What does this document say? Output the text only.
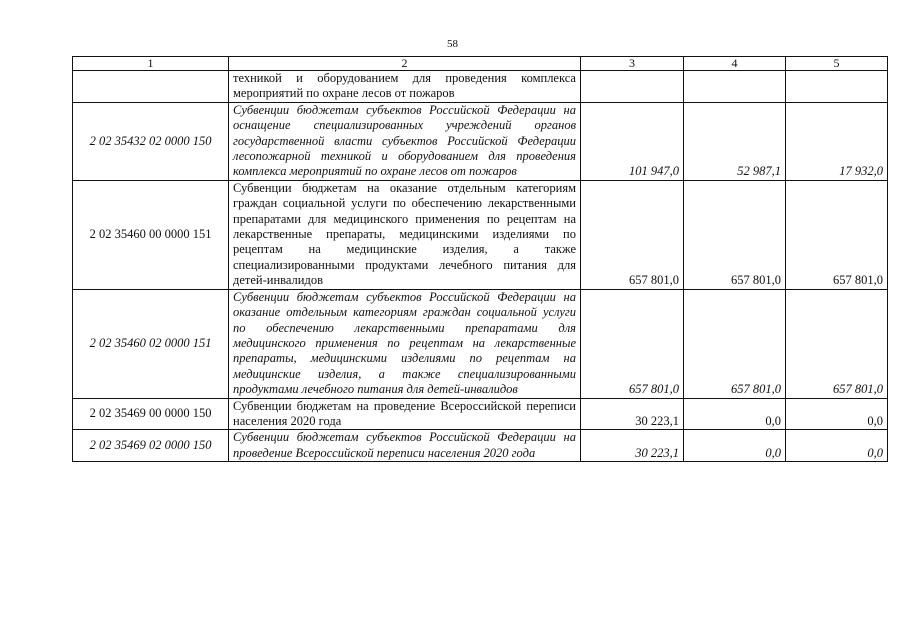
58
1	2	3	4	5
	техникой и оборудованием для проведения комплекса мероприятий по охране лесов от пожаров			
2 02 35432 02 0000 150	Субвенции бюджетам субъектов Российской Федерации на оснащение специализированных учреждений органов государственной власти субъектов Российской Федерации лесопожарной техникой и оборудованием для проведения комплекса мероприятий по охране лесов от пожаров	101 947,0	52 987,1	17 932,0
2 02 35460 00 0000 151	Субвенции бюджетам на оказание отдельным категориям граждан социальной услуги по обеспечению лекарственными препаратами для медицинского применения по рецептам на лекарственные препараты, медицинскими изделиями по рецептам на медицинские изделия, а также специализированными продуктами лечебного питания для детей-инвалидов	657 801,0	657 801,0	657 801,0
2 02 35460 02 0000 151	Субвенции бюджетам субъектов Российской Федерации на оказание отдельным категориям граждан социальной услуги по обеспечению лекарственными препаратами для медицинского применения по рецептам на лекарственные препараты, медицинскими изделиями по рецептам на медицинские изделия, а также специализированными продуктами лечебного питания для детей-инвалидов	657 801,0	657 801,0	657 801,0
2 02 35469 00 0000 150	Субвенции бюджетам на проведение Всероссийской переписи населения 2020 года	30 223,1	0,0	0,0
2 02 35469 02 0000 150	Субвенции бюджетам субъектов Российской Федерации на проведение Всероссийской переписи населения 2020 года	30 223,1	0,0	0,0
